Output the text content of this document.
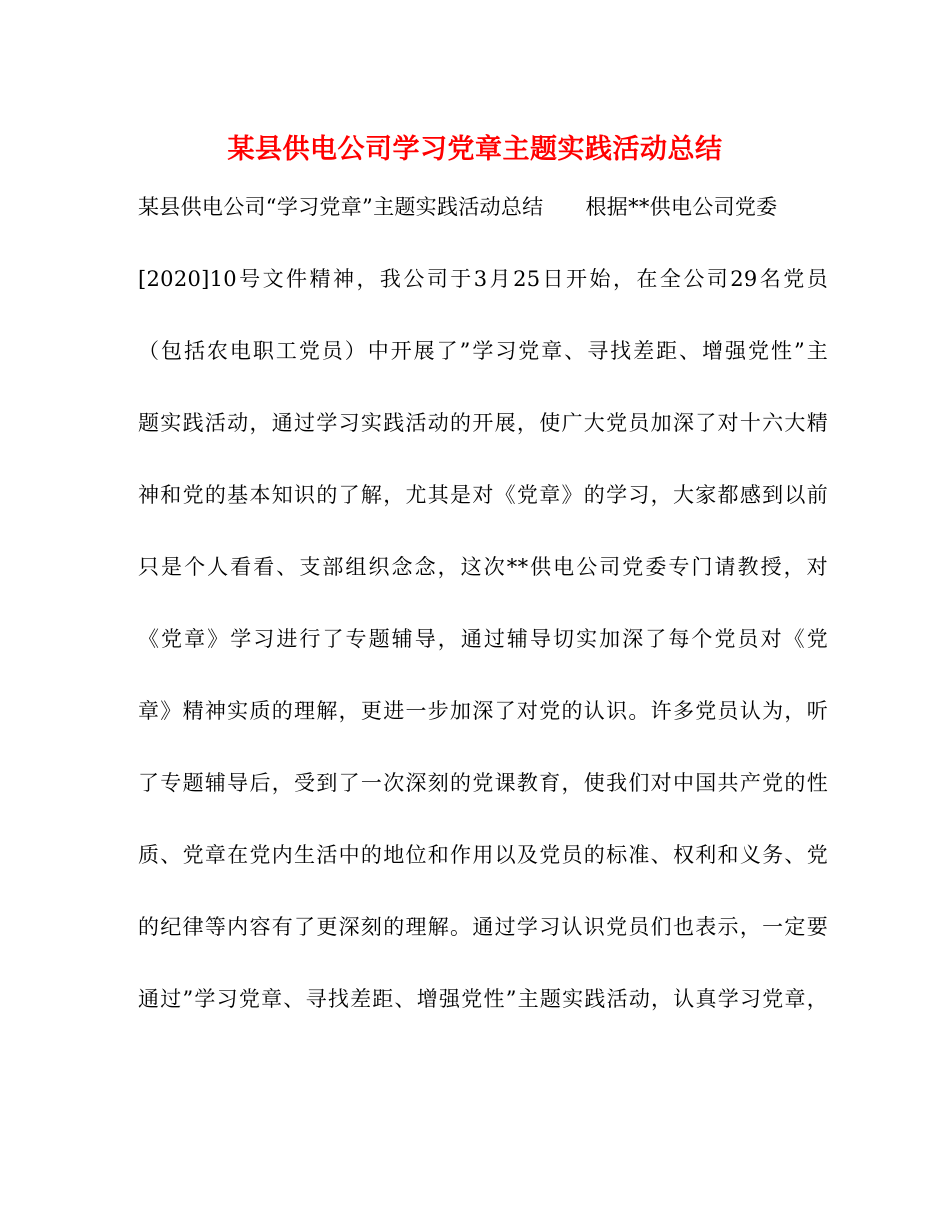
某县供电公司学习党章主题实践活动总结
某县供电公司“学习党章”主题实践活动总结 根据**供电公司党委
[2020]10号文件精神，我公司于3月25日开始，在全公司29名党员
（包括农电职工党员）中开展了”学习党章、寻找差距、增强党性”主
题实践活动，通过学习实践活动的开展，使广大党员加深了对十六大精
神和党的基本知识的了解，尤其是对《党章》的学习，大家都感到以前
只是个人看看、支部组织念念，这次**供电公司党委专门请教授，对
《党章》学习进行了专题辅导，通过辅导切实加深了每个党员对《党
章》精神实质的理解，更进一步加深了对党的认识。许多党员认为，听
了专题辅导后，受到了一次深刻的党课教育，使我们对中国共产党的性
质、党章在党内生活中的地位和作用以及党员的标准、权利和义务、党
的纪律等内容有了更深刻的理解。通过学习认识党员们也表示，一定要
通过”学习党章、寻找差距、增强党性”主题实践活动，认真学习党章，
